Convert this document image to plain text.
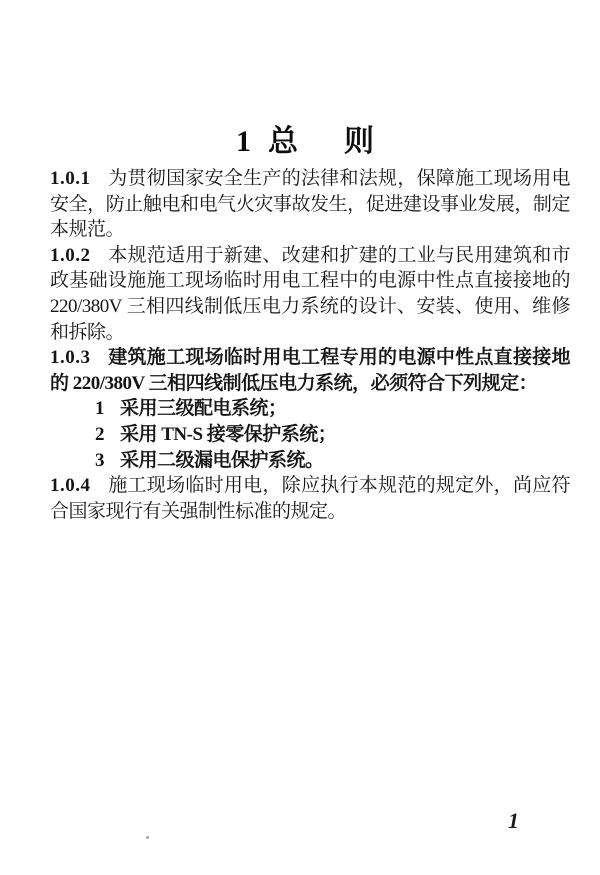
1 总 则
1.0.1 为贯彻国家安全生产的法律和法规，保障施工现场用电
安全，防止触电和电气火灾事故发生，促进建设事业发展，制定
本规范。
1.0.2 本规范适用于新建、改建和扩建的工业与民用建筑和市
政基础设施施工现场临时用电工程中的电源中性点直接接地的
220/380V 三相四线制低压电力系统的设计、安装、使用、维修
和拆除。
1.0.3 建筑施工现场临时用电工程专用的电源中性点直接接地
的 220/380V 三相四线制低压电力系统，必须符合下列规定：
1 采用三级配电系统；
2 采用 TN-S 接零保护系统；
3 采用二级漏电保护系统。
1.0.4 施工现场临时用电，除应执行本规范的规定外，尚应符
合国家现行有关强制性标准的规定。
1
